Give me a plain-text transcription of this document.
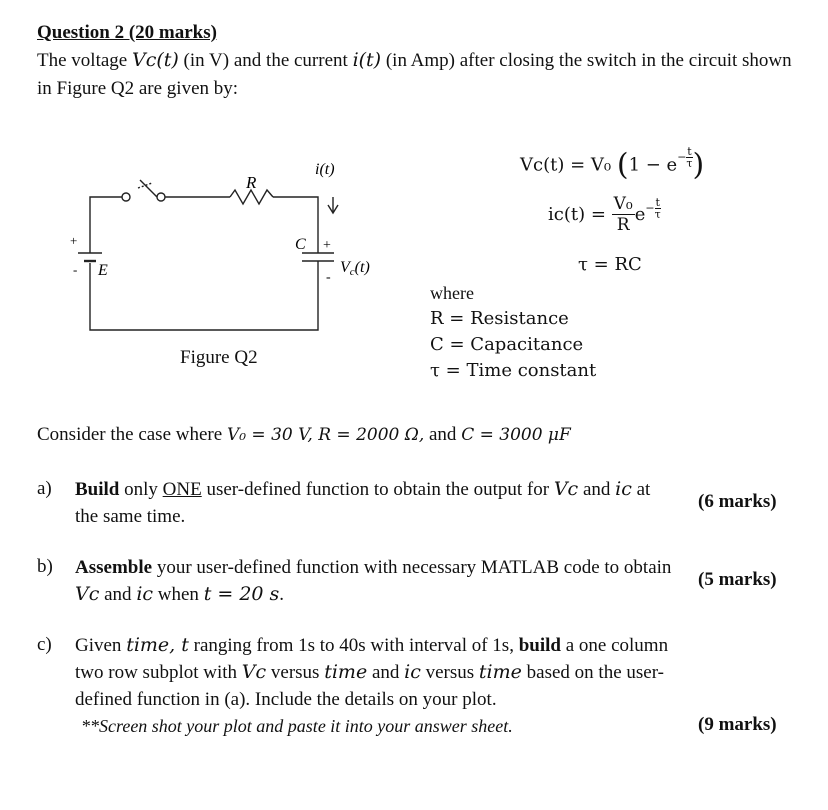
Question 2 (20 marks)
The voltage Vc(t) (in V) and the current i(t) (in Amp) after closing the switch in the circuit shown in Figure Q2 are given by:
R
i(t)
C +
-
Vc(t)
+
- E
Figure Q2
Vc(t) = V₀ ($1 - e- \frac{t}{\tau}$ )
$ic(t) = \frac{\text{V₀}}{R} e- \frac{t}{\tau}$
τ = RC
where
R = Resistance
C = Capacitance
τ = Time constant
Consider the case where V₀ = 30 V, R = 2000 Ω, and C = 3000 μF
a) Build only ONE user-defined function to obtain the output for Vc and ic at the same time.
(6 marks)
b) Assemble your user-defined function with necessary MATLAB code to obtain Vc and ic when t = 20 s.
(5 marks)
c) Given time, t ranging from 1s to 40s with interval of 1s, build a one column two row subplot with Vc versus time and ic versus time based on the user-defined function in (a). Include the details on your plot.
**Screen shot your plot and paste it into your answer sheet.	(9 marks)
